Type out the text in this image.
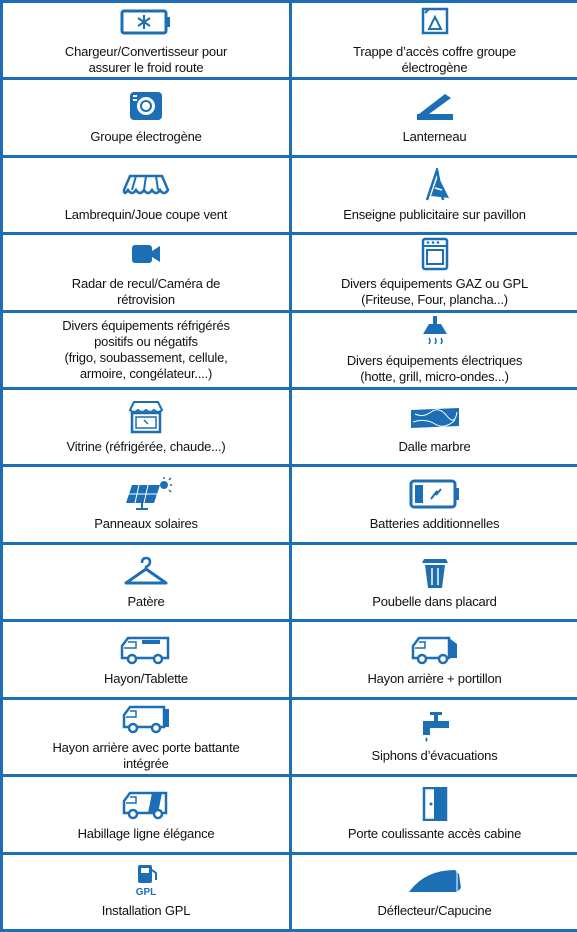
Chargeur/Convertisseur pour
assurer le froid route
Trappe d’accès coffre groupe
électrogène
Groupe électrogène	Lanterneau
Lambrequin/Joue coupe vent	Enseigne publicitaire sur pavillon
Radar de recul/Caméra de
rétrovision
Divers équipements GAZ ou GPL
(Friteuse, Four, plancha...)
Divers équipements réfrigérés
positifs ou négatifs
(frigo, soubassement, cellule,
armoire, congélateur....)
Divers équipements électriques
(hotte, grill, micro-ondes...)
Vitrine (réfrigérée, chaude...)	Dalle marbre
Panneaux solaires	Batteries additionnelles
Patère	Poubelle dans placard
Hayon/Tablette	Hayon arrière + portillon
Hayon arrière avec porte battante
intégrée
Siphons d’évacuations
Habillage ligne élégance	Porte coulissante accès cabine
GPL
Installation GPL	Déflecteur/Capucine
